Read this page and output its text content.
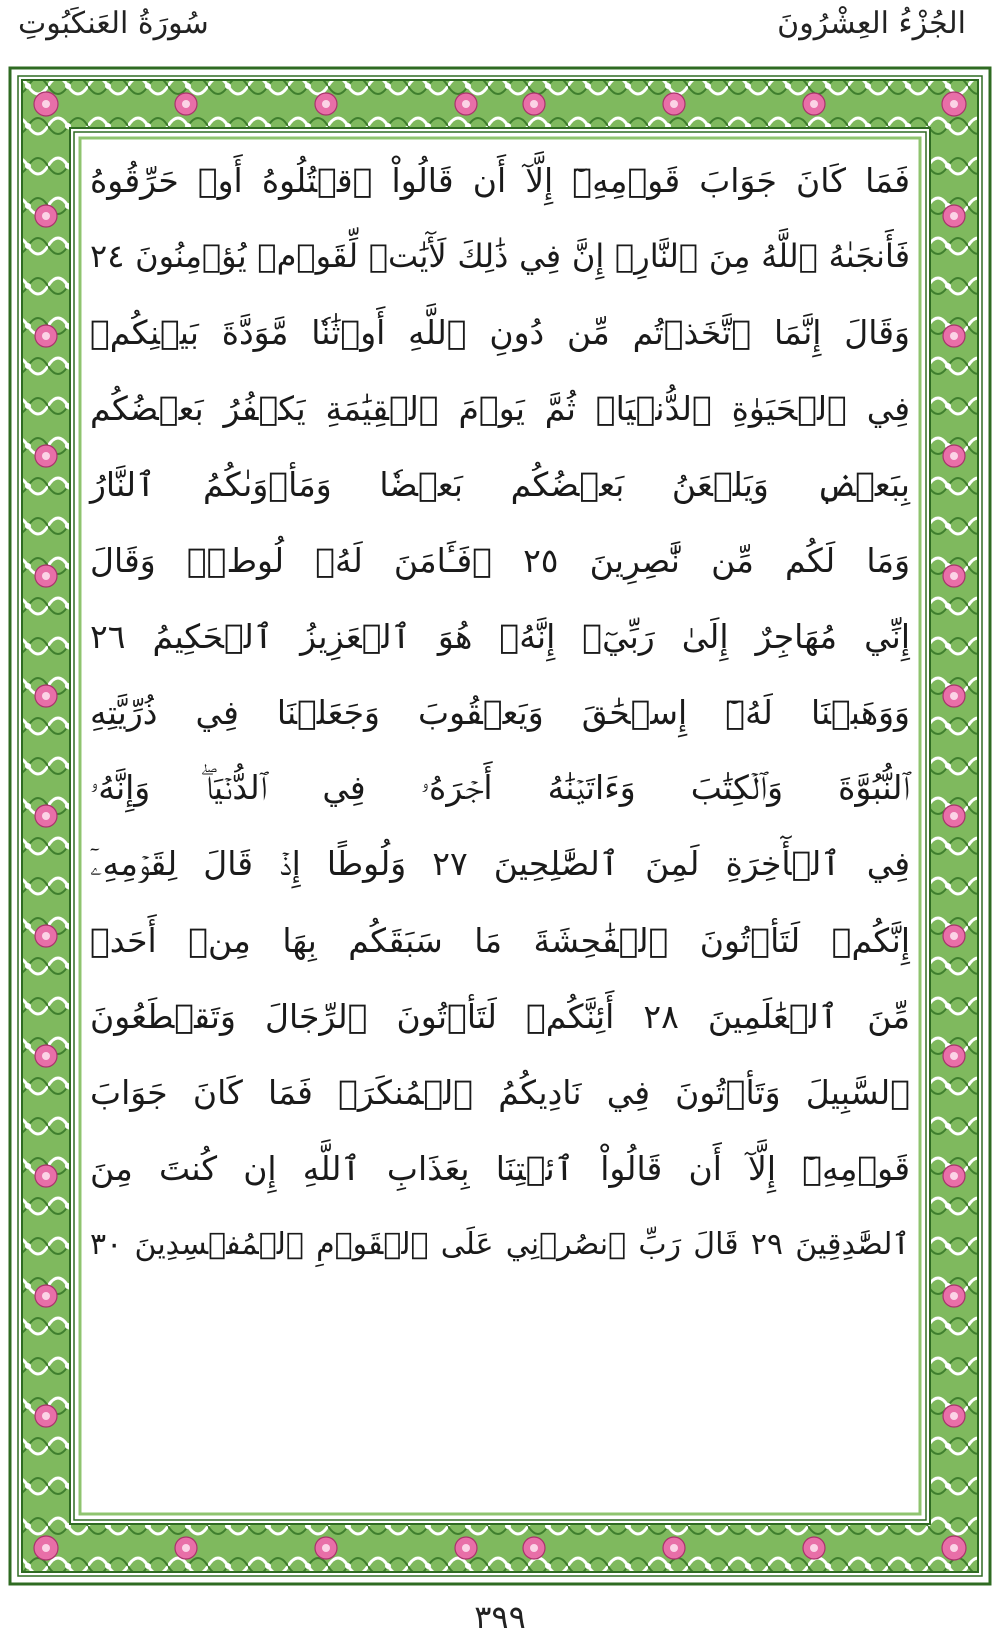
الجُزْءُ العِشْرُونَ
سُورَةُ العَنكَبُوتِ
فَمَا كَانَ جَوَابَ قَوۡمِهِۦٓ إِلَّآ أَن قَالُواْ ٱقۡتُلُوهُ أَوۡ حَرِّقُوهُ
فَأَنجَىٰهُ ٱللَّهُ مِنَ ٱلنَّارِۚ إِنَّ فِي ذَٰلِكَ لَأٓيَٰتٖ لِّقَوۡمٖ يُؤۡمِنُونَ ٢٤
وَقَالَ إِنَّمَا ٱتَّخَذۡتُم مِّن دُونِ ٱللَّهِ أَوۡثَٰنٗا مَّوَدَّةَ بَيۡنِكُمۡ
فِي ٱلۡحَيَوٰةِ ٱلدُّنۡيَاۖ ثُمَّ يَوۡمَ ٱلۡقِيَٰمَةِ يَكۡفُرُ بَعۡضُكُم
بِبَعۡضٖ وَيَلۡعَنُ بَعۡضُكُم بَعۡضٗا وَمَأۡوَىٰكُمُ ٱلنَّارُ
وَمَا لَكُم مِّن نَّٰصِرِينَ ٢٥ ۞فَـَٔامَنَ لَهُۥ لُوطٞۘ وَقَالَ
إِنِّي مُهَاجِرٌ إِلَىٰ رَبِّيٓۖ إِنَّهُۥ هُوَ ٱلۡعَزِيزُ ٱلۡحَكِيمُ ٢٦
وَوَهَبۡنَا لَهُۥٓ إِسۡحَٰقَ وَيَعۡقُوبَ وَجَعَلۡنَا فِي ذُرِّيَّتِهِ
ٱلنُّبُوَّةَ وَٱلۡكِتَٰبَ وَءَاتَيۡنَٰهُ أَجۡرَهُۥ فِي ٱلدُّنۡيَاۖ وَإِنَّهُۥ
فِي ٱلۡأٓخِرَةِ لَمِنَ ٱلصَّٰلِحِينَ ٢٧ وَلُوطًا إِذۡ قَالَ لِقَوۡمِهِۦٓ
إِنَّكُمۡ لَتَأۡتُونَ ٱلۡفَٰحِشَةَ مَا سَبَقَكُم بِهَا مِنۡ أَحَدٖ
مِّنَ ٱلۡعَٰلَمِينَ ٢٨ أَئِنَّكُمۡ لَتَأۡتُونَ ٱلرِّجَالَ وَتَقۡطَعُونَ
ٱلسَّبِيلَ وَتَأۡتُونَ فِي نَادِيكُمُ ٱلۡمُنكَرَۖ فَمَا كَانَ جَوَابَ
قَوۡمِهِۦٓ إِلَّآ أَن قَالُواْ ٱئۡتِنَا بِعَذَابِ ٱللَّهِ إِن كُنتَ مِنَ
ٱلصَّٰدِقِينَ ٢٩ قَالَ رَبِّ ٱنصُرۡنِي عَلَى ٱلۡقَوۡمِ ٱلۡمُفۡسِدِينَ ٣٠
٣٩٩
